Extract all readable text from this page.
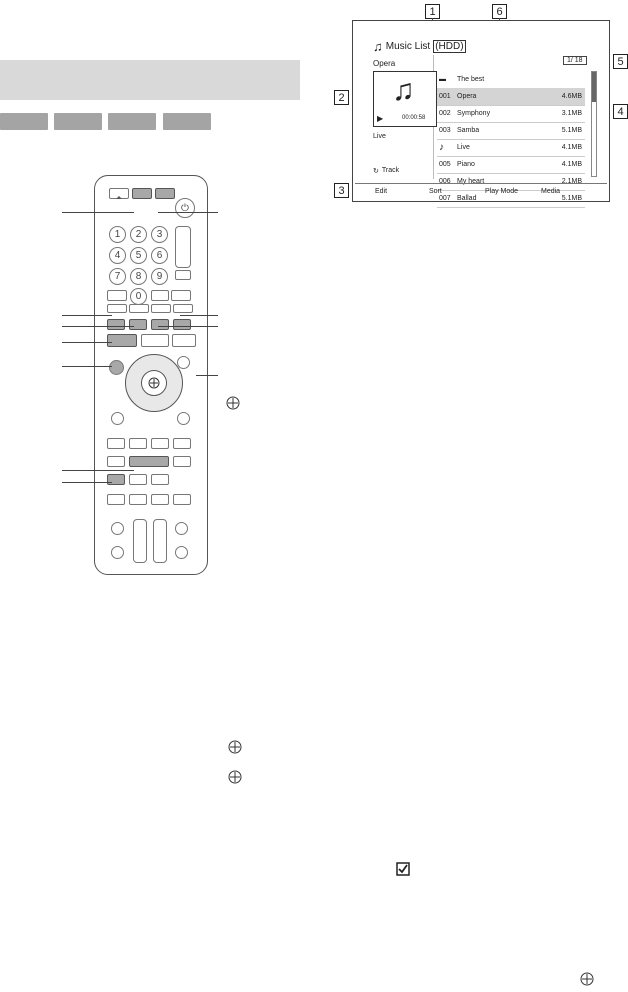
⏻
1	2	3
4	5	6
7	8	9
0
1	6
2
3
4
5
♫ Music List (HDD)
1/ 18
Opera
♫
▶	00:00:58
Live
↻ Track
▬	The best
001 Opera	4.6MB
002 Symphony	3.1MB
003 Samba	5.1MB
♪	Live	4.1MB
005 Piano	4.1MB
006 My heart	2.1MB
007 Ballad	5.1MB
Edit	Sort	Play Mode	Media
